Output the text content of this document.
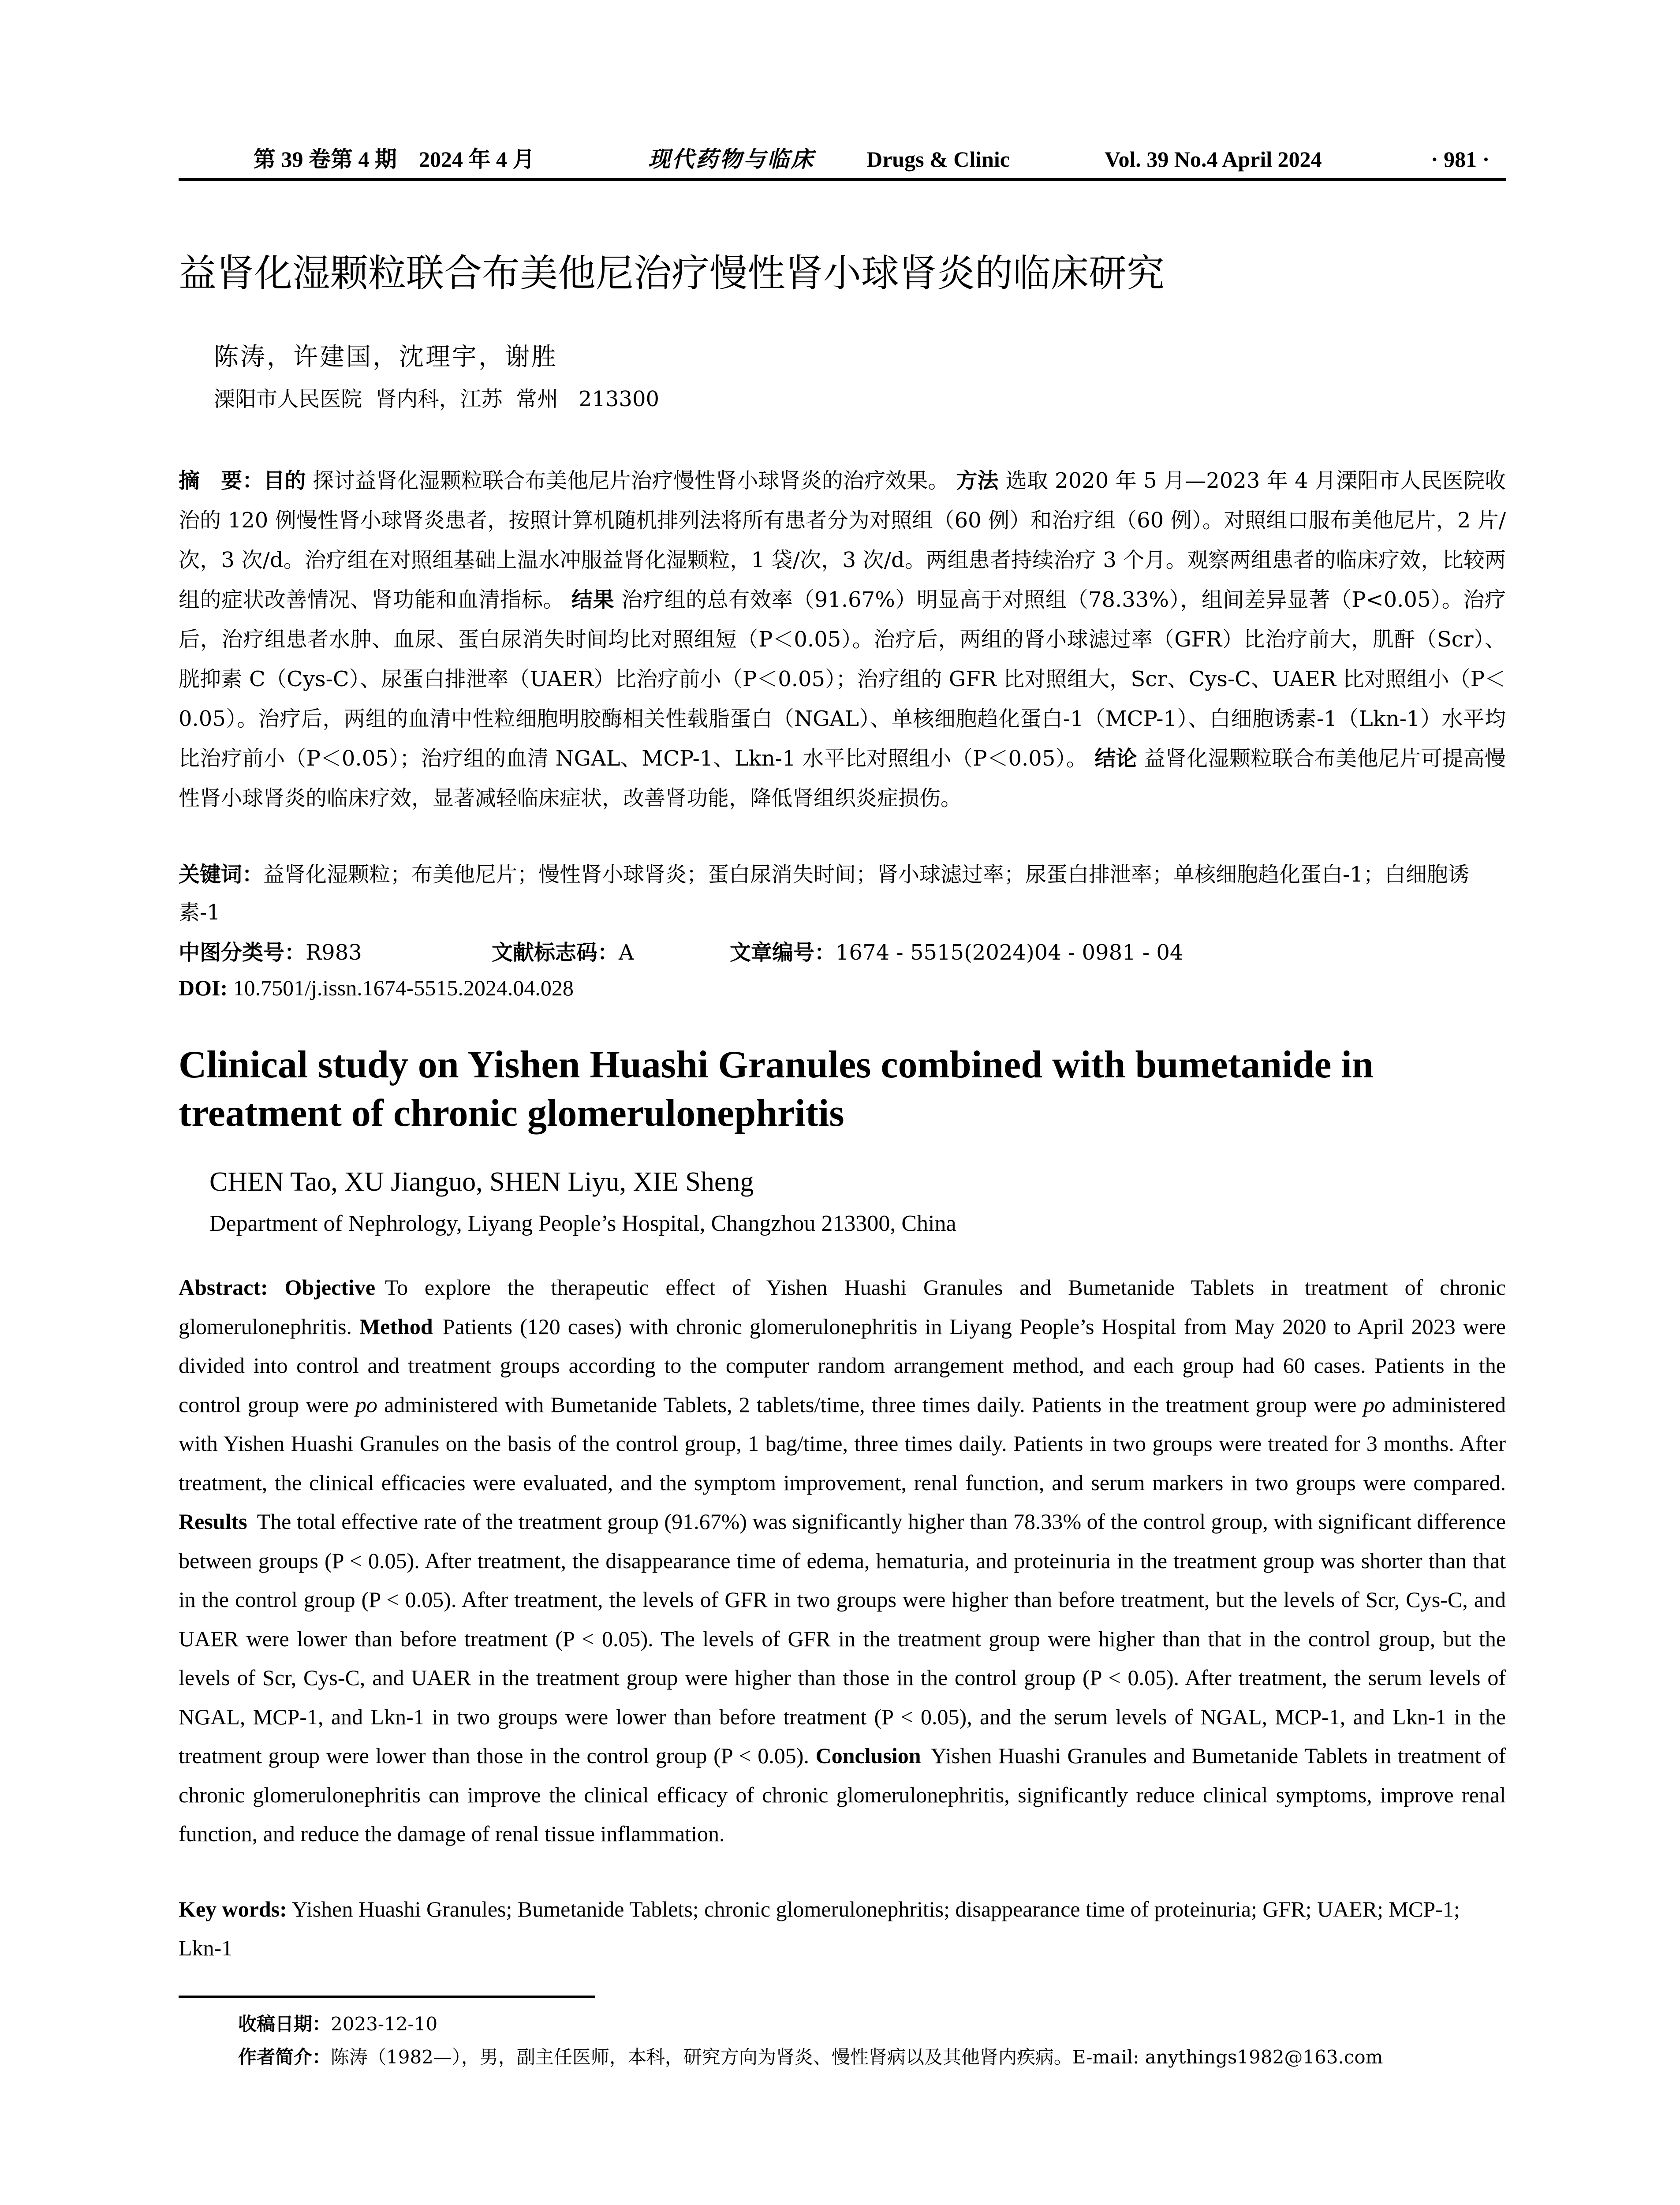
第 39 卷第 4 期　2024 年 4 月	现代药物与临床 Drugs & Clinic	Vol. 39 No.4 April 2024	· 981 ·
益肾化湿颗粒联合布美他尼治疗慢性肾小球肾炎的临床研究
陈涛，许建国，沈理宇，谢胜
溧阳市人民医院  肾内科，江苏  常州   213300
摘　要：目的 探讨益肾化湿颗粒联合布美他尼片治疗慢性肾小球肾炎的治疗效果。 方法 选取 2020 年 5 月—2023 年 4 月溧阳市人民医院收治的 120 例慢性肾小球肾炎患者，按照计算机随机排列法将所有患者分为对照组（60 例）和治疗组（60 例）。对照组口服布美他尼片，2 片/次，3 次/d。治疗组在对照组基础上温水冲服益肾化湿颗粒，1 袋/次，3 次/d。两组患者持续治疗 3 个月。观察两组患者的临床疗效，比较两组的症状改善情况、肾功能和血清指标。 结果 治疗组的总有效率（91.67%）明显高于对照组（78.33%），组间差异显著（P<0.05）。治疗后，治疗组患者水肿、血尿、蛋白尿消失时间均比对照组短（P＜0.05）。治疗后，两组的肾小球滤过率（GFR）比治疗前大，肌酐（Scr）、胱抑素 C（Cys-C）、尿蛋白排泄率（UAER）比治疗前小（P＜0.05）；治疗组的 GFR 比对照组大，Scr、Cys-C、UAER 比对照组小（P＜0.05）。治疗后，两组的血清中性粒细胞明胶酶相关性载脂蛋白（NGAL）、单核细胞趋化蛋白-1（MCP-1）、白细胞诱素-1（Lkn-1）水平均比治疗前小（P＜0.05）；治疗组的血清 NGAL、MCP-1、Lkn-1 水平比对照组小（P＜0.05）。 结论 益肾化湿颗粒联合布美他尼片可提高慢性肾小球肾炎的临床疗效，显著减轻临床症状，改善肾功能，降低肾组织炎症损伤。
关键词：益肾化湿颗粒；布美他尼片；慢性肾小球肾炎；蛋白尿消失时间；肾小球滤过率；尿蛋白排泄率；单核细胞趋化蛋白-1；白细胞诱素-1
中图分类号：R983	文献标志码：A	文章编号：1674 - 5515(2024)04 - 0981 - 04
DOI: 10.7501/j.issn.1674-5515.2024.04.028
Clinical study on Yishen Huashi Granules combined with bumetanide in treatment of chronic glomerulonephritis
CHEN Tao, XU Jianguo, SHEN Liyu, XIE Sheng
Department of Nephrology, Liyang People’s Hospital, Changzhou 213300, China
Abstract: Objective To explore the therapeutic effect of Yishen Huashi Granules and Bumetanide Tablets in treatment of chronic glomerulonephritis. Method Patients (120 cases) with chronic glomerulonephritis in Liyang People’s Hospital from May 2020 to April 2023 were divided into control and treatment groups according to the computer random arrangement method, and each group had 60 cases. Patients in the control group were po administered with Bumetanide Tablets, 2 tablets/time, three times daily. Patients in the treatment group were po administered with Yishen Huashi Granules on the basis of the control group, 1 bag/time, three times daily. Patients in two groups were treated for 3 months. After treatment, the clinical efficacies were evaluated, and the symptom improvement, renal function, and serum markers in two groups were compared. Results The total effective rate of the treatment group (91.67%) was significantly higher than 78.33% of the control group, with significant difference between groups (P < 0.05). After treatment, the disappearance time of edema, hematuria, and proteinuria in the treatment group was shorter than that in the control group (P < 0.05). After treatment, the levels of GFR in two groups were higher than before treatment, but the levels of Scr, Cys-C, and UAER were lower than before treatment (P < 0.05). The levels of GFR in the treatment group were higher than that in the control group, but the levels of Scr, Cys-C, and UAER in the treatment group were higher than those in the control group (P < 0.05). After treatment, the serum levels of NGAL, MCP-1, and Lkn-1 in two groups were lower than before treatment (P < 0.05), and the serum levels of NGAL, MCP-1, and Lkn-1 in the treatment group were lower than those in the control group (P < 0.05). Conclusion Yishen Huashi Granules and Bumetanide Tablets in treatment of chronic glomerulonephritis can improve the clinical efficacy of chronic glomerulonephritis, significantly reduce clinical symptoms, improve renal function, and reduce the damage of renal tissue inflammation.
Key words: Yishen Huashi Granules; Bumetanide Tablets; chronic glomerulonephritis; disappearance time of proteinuria; GFR; UAER; MCP-1; Lkn-1
收稿日期：2023-12-10
作者简介：陈涛（1982—），男，副主任医师，本科，研究方向为肾炎、慢性肾病以及其他肾内疾病。E-mail: anythings1982@163.com
